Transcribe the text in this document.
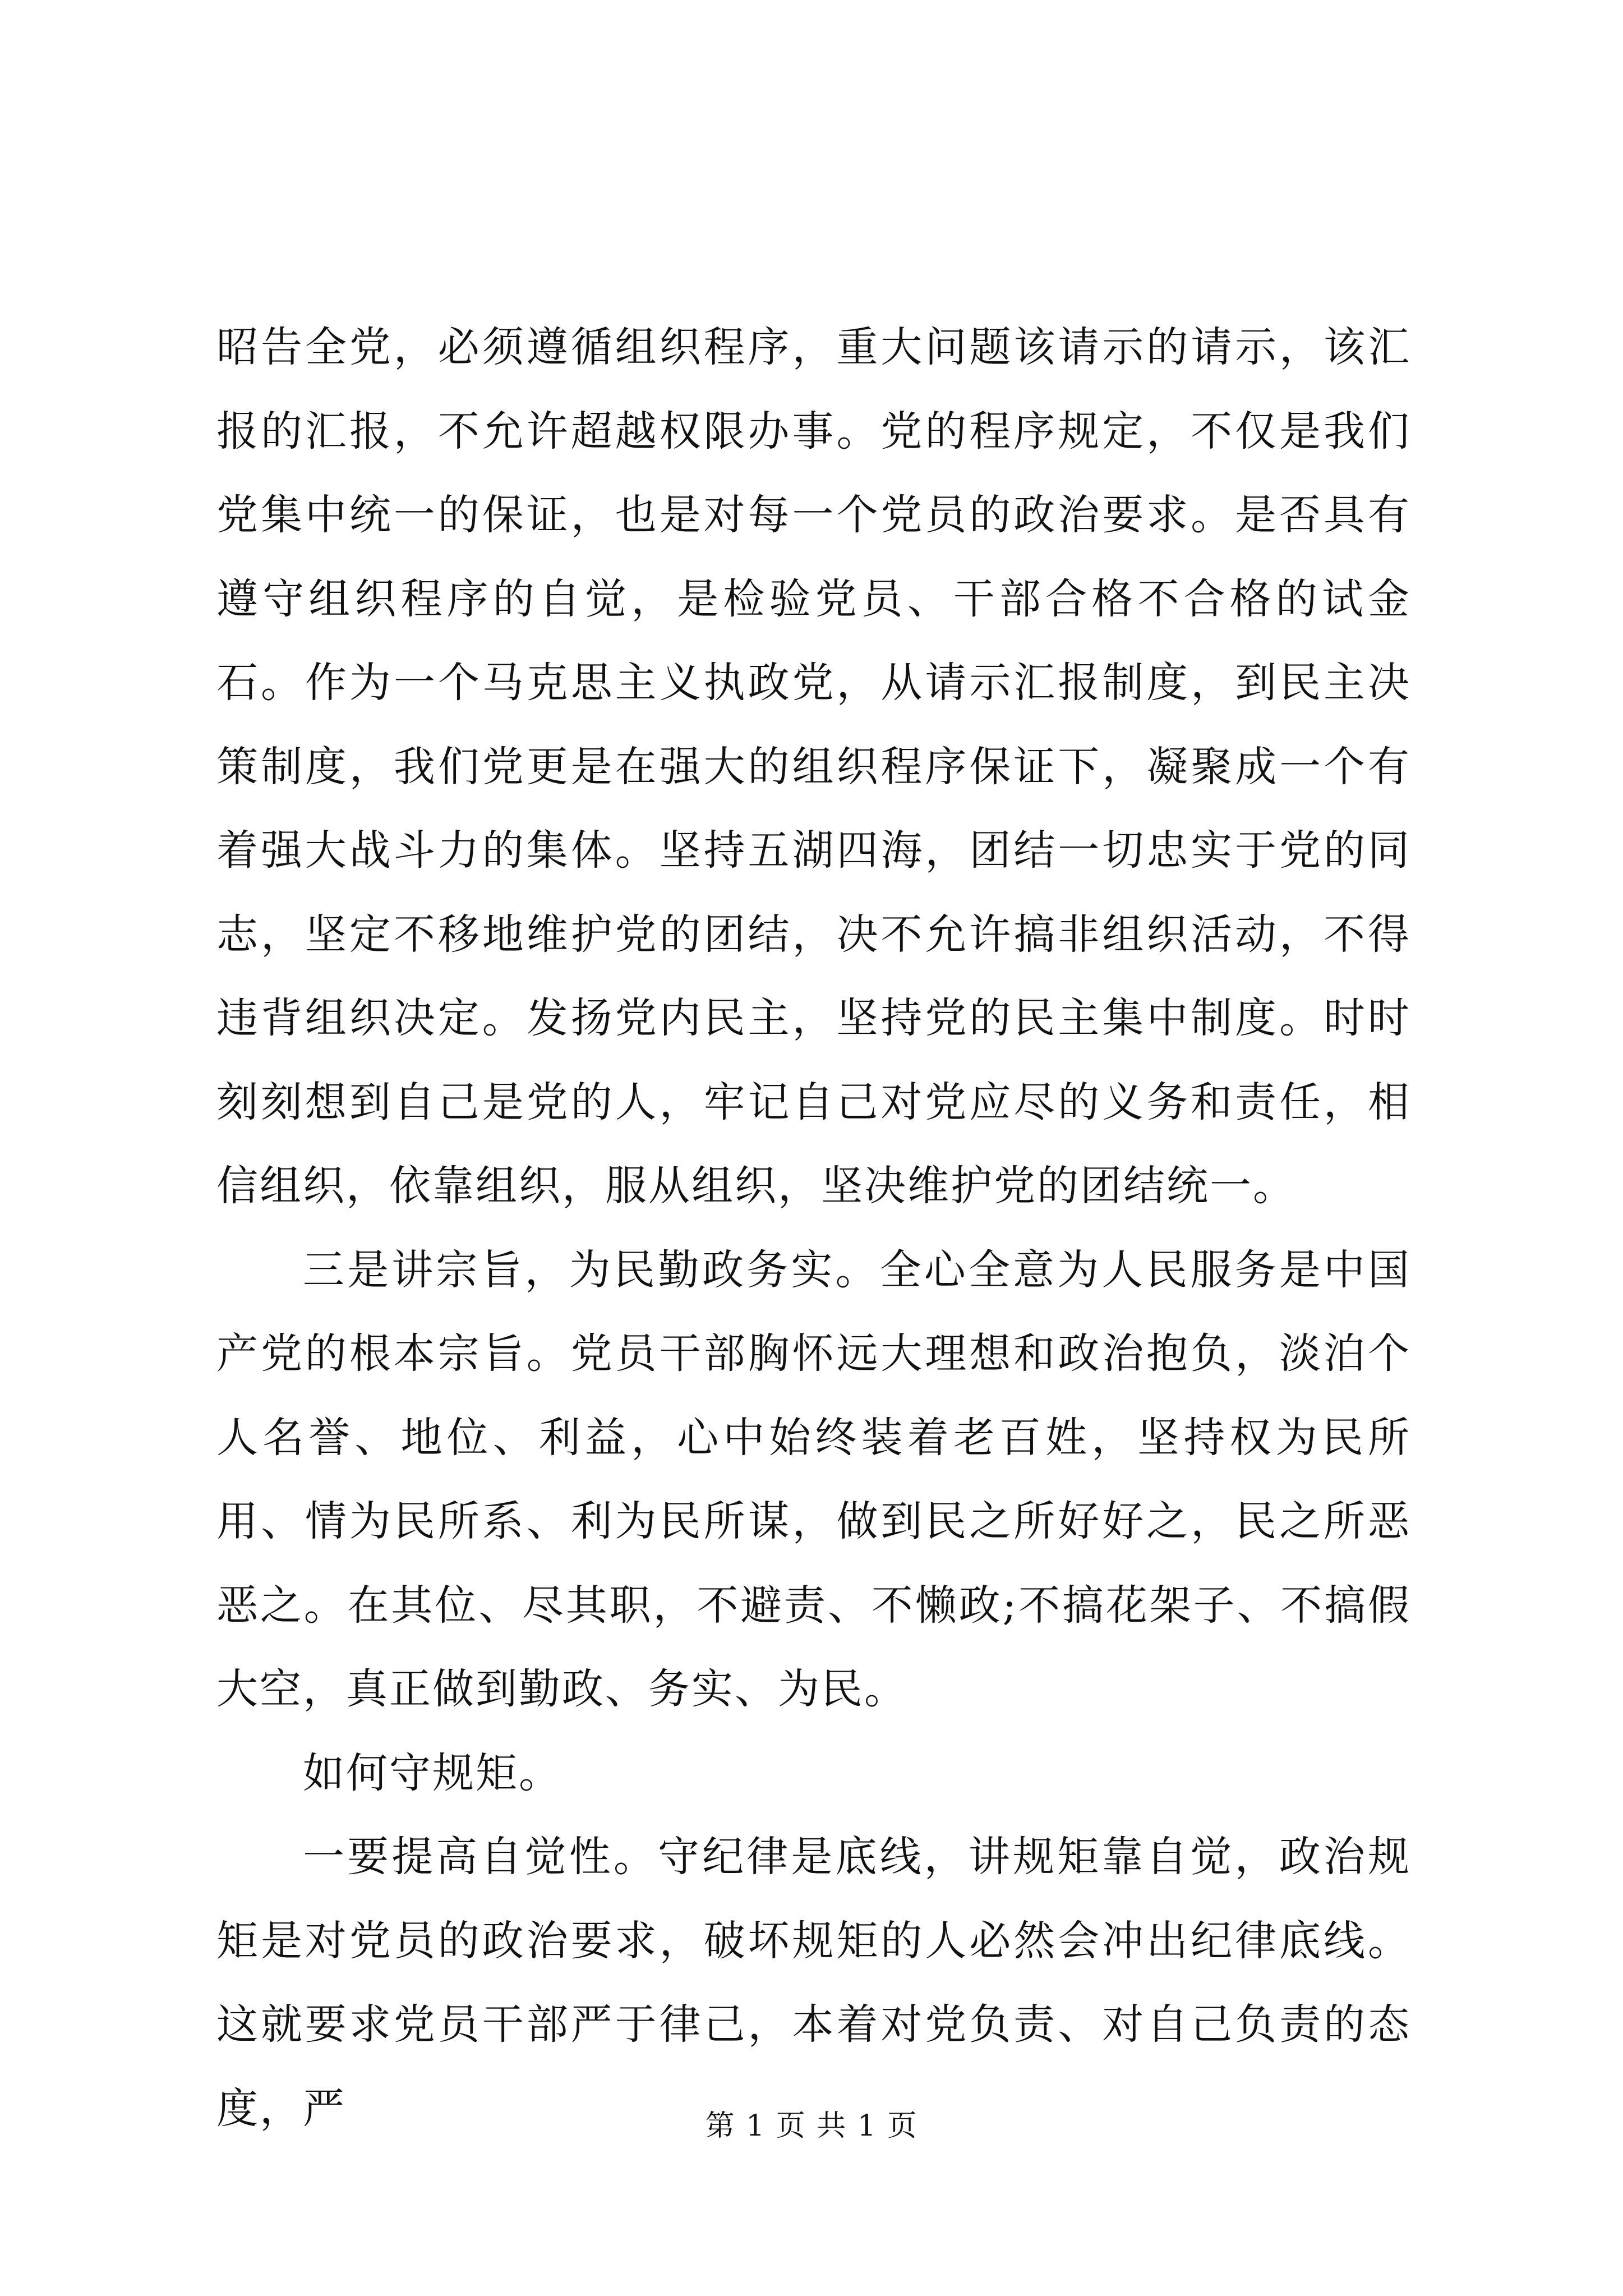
昭告全党，必须遵循组织程序，重大问题该请示的请示，该汇报的汇报，不允许超越权限办事。党的程序规定，不仅是我们党集中统一的保证，也是对每一个党员的政治要求。是否具有遵守组织程序的自觉，是检验党员、干部合格不合格的试金石。作为一个马克思主义执政党，从请示汇报制度，到民主决策制度，我们党更是在强大的组织程序保证下，凝聚成一个有着强大战斗力的集体。坚持五湖四海，团结一切忠实于党的同志，坚定不移地维护党的团结，决不允许搞非组织活动，不得违背组织决定。发扬党内民主，坚持党的民主集中制度。时时刻刻想到自己是党的人，牢记自己对党应尽的义务和责任，相信组织，依靠组织，服从组织，坚决维护党的团结统一。

三是讲宗旨，为民勤政务实。全心全意为人民服务是中国产党的根本宗旨。党员干部胸怀远大理想和政治抱负，淡泊个人名誉、地位、利益，心中始终装着老百姓，坚持权为民所用、情为民所系、利为民所谋，做到民之所好好之，民之所恶恶之。在其位、尽其职，不避责、不懒政;不搞花架子、不搞假大空，真正做到勤政、务实、为民。

如何守规矩。

一要提高自觉性。守纪律是底线，讲规矩靠自觉，政治规矩是对党员的政治要求，破坏规矩的人必然会冲出纪律底线。这就要求党员干部严于律己，本着对党负责、对自己负责的态度，严	第 1 页 共 1 页
